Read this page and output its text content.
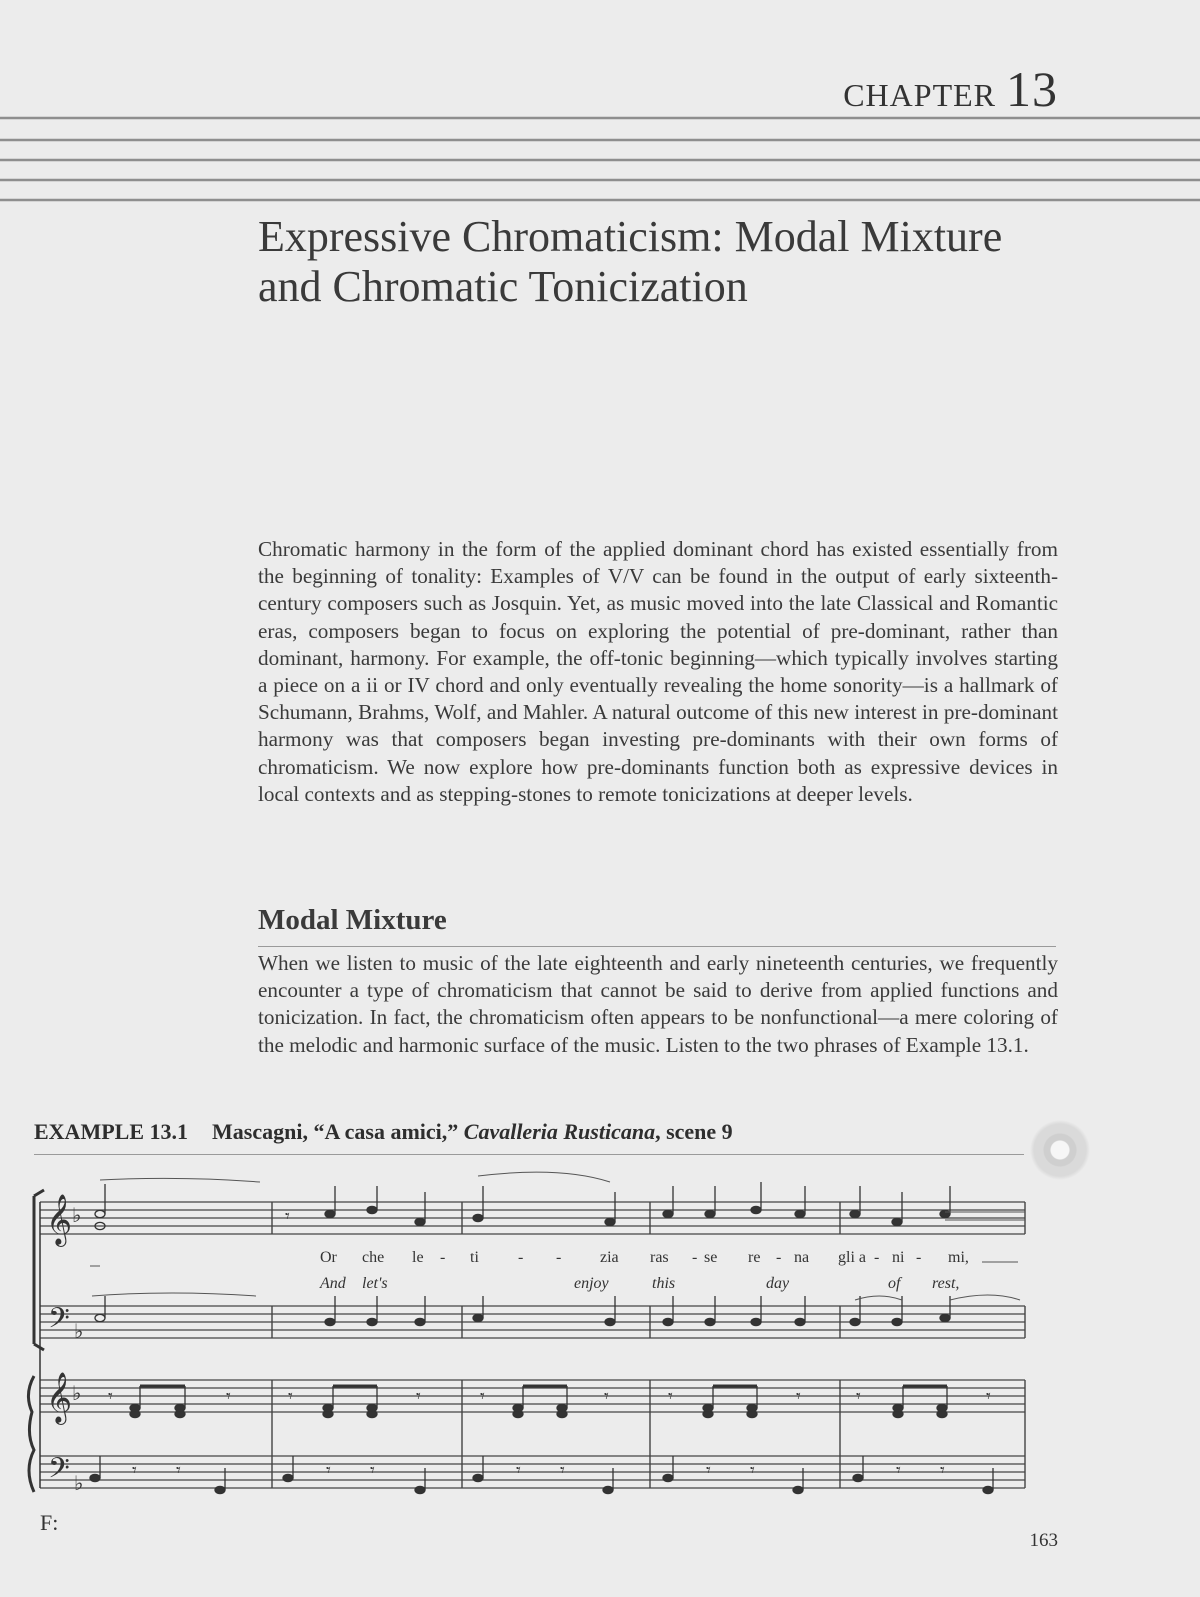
CHAPTER 13
Expressive Chromaticism: Modal Mixture
and Chromatic Tonicization

Chromatic harmony in the form of the applied dominant chord has existed essentially from the beginning of tonality: Examples of V/V can be found in the output of early sixteenth-century composers such as Josquin. Yet, as music moved into the late Classical and Romantic eras, composers began to focus on exploring the potential of pre-dominant, rather than dominant, harmony. For example, the off-tonic beginning—which typically involves starting a piece on a ii or IV chord and only eventually revealing the home sonority—is a hallmark of Schumann, Brahms, Wolf, and Mahler. A natural outcome of this new interest in pre-dominant harmony was that composers began investing pre-dominants with their own forms of chromaticism. We now explore how pre-dominants function both as expressive devices in local contexts and as stepping-stones to remote tonicizations at deeper levels.

Modal Mixture

When we listen to music of the late eighteenth and early nineteenth centuries, we frequently encounter a type of chromaticism that cannot be said to derive from applied functions and tonicization. In fact, the chromaticism often appears to be nonfunctional—a mere coloring of the melodic and harmonic surface of the music. Listen to the two phrases of Example 13.1.

EXAMPLE 13.1 Mascagni, “A casa amici,” Cavalleria Rusticana, scene 9
𝄞
𝄢
𝄞
𝄢
♭
♭
♭
♭
Or che le - ti - - zia ras - se re - na gli a - ni - mi,
And let's	enjoy	this	day	of rest,
𝄾
𝄾	𝄾	𝄾	𝄾	𝄾	𝄾	𝄾	𝄾	𝄾	𝄾
𝄾 𝄾	𝄾 𝄾	𝄾 𝄾	𝄾 𝄾	𝄾 𝄾
F:
163
